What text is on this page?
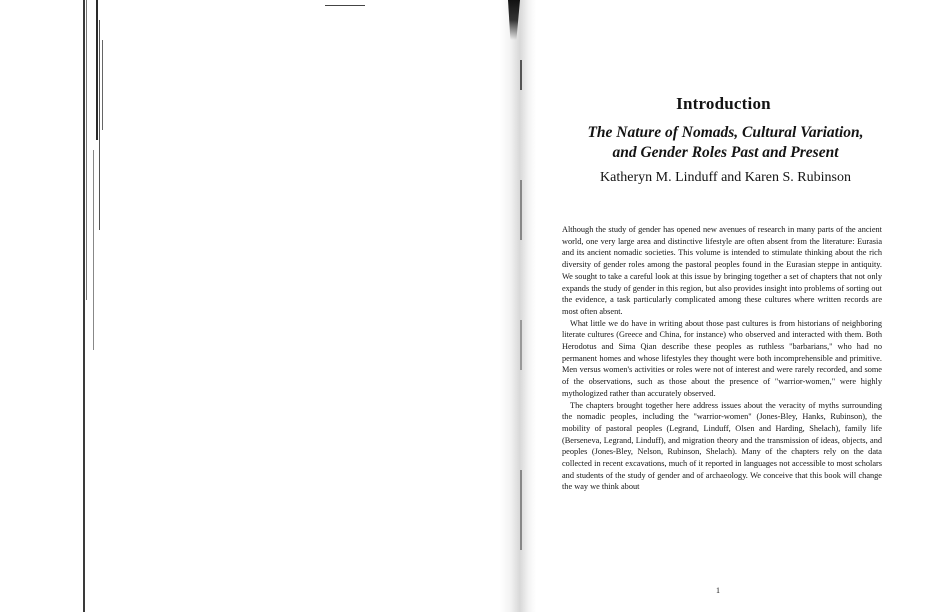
Introduction
The Nature of Nomads, Cultural Variation,
and Gender Roles Past and Present
Katheryn M. Linduff and Karen S. Rubinson

Although the study of gender has opened new avenues of research in many parts of the ancient world, one very large area and distinctive lifestyle are often absent from the literature: Eurasia and its ancient nomadic societies. This volume is intended to stimulate thinking about the rich diversity of gender roles among the pastoral peoples found in the Eurasian steppe in antiquity. We sought to take a careful look at this issue by bringing together a set of chapters that not only expands the study of gender in this region, but also provides insight into problems of sorting out the evidence, a task particularly complicated among these cultures where written records are most often absent.

What little we do have in writing about those past cultures is from historians of neighboring literate cultures (Greece and China, for instance) who observed and interacted with them. Both Herodotus and Sima Qian describe these peoples as ruthless "barbarians," who had no permanent homes and whose lifestyles they thought were both incomprehensible and primitive. Men versus women's activities or roles were not of interest and were rarely recorded, and some of the observations, such as those about the presence of "warrior-women," were highly mythologized rather than accurately observed.

The chapters brought together here address issues about the veracity of myths surrounding the nomadic peoples, including the "warrior-women" (Jones-Bley, Hanks, Rubinson), the mobility of pastoral peoples (Legrand, Linduff, Olsen and Harding, Shelach), family life (Berseneva, Legrand, Linduff), and migration theory and the transmission of ideas, objects, and peoples (Jones-Bley, Nelson, Rubinson, Shelach). Many of the chapters rely on the data collected in recent excavations, much of it reported in languages not accessible to most scholars and students of the study of gender and of archaeology. We conceive that this book will change the way we think about

1
